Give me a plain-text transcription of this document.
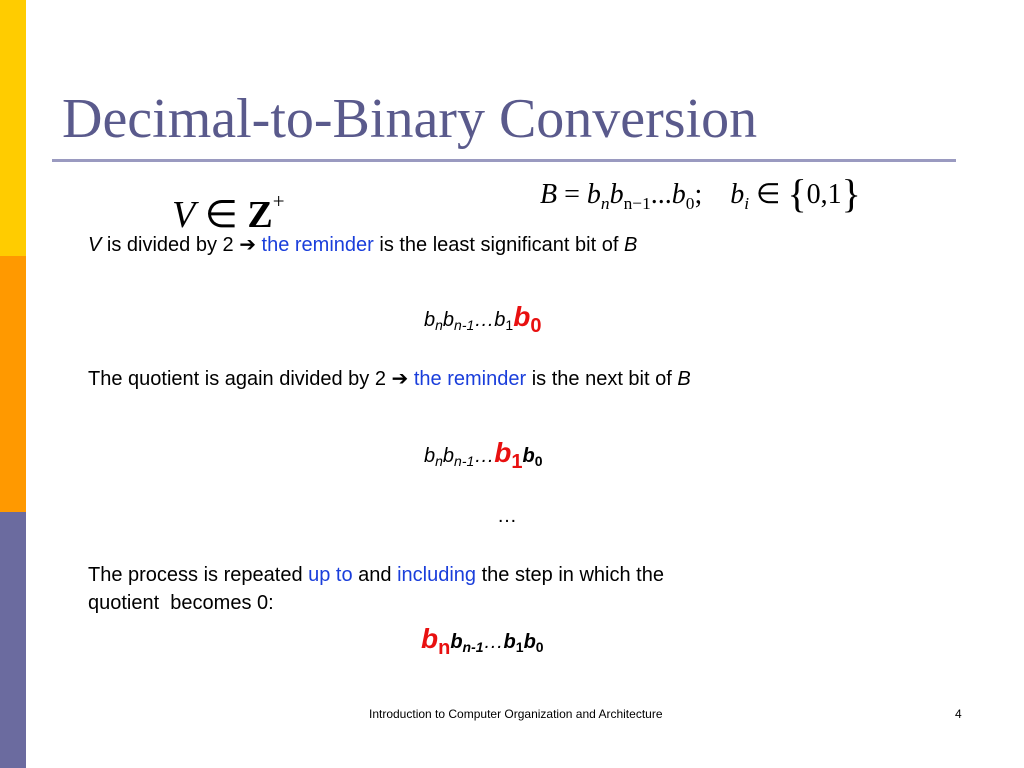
Decimal-to-Binary Conversion
V ∈ Z+	$B = b_nb_{n-1}...b_0$; $b_i$ ∈ {0,1}
V is divided by 2 ➔ the reminder is the least significant bit of B
$b_nb_{n-1}\dots b_1b_0$
The quotient is again divided by 2 ➔ the reminder is the next bit of B
$b_nb_{n-1}\dots b_1b_0$
…
The process is repeated up to and including the step in which the
quotient  becomes 0:
$b_nb_{n-1}\dots b_1b_0$
Introduction to Computer Organization and Architecture	4
